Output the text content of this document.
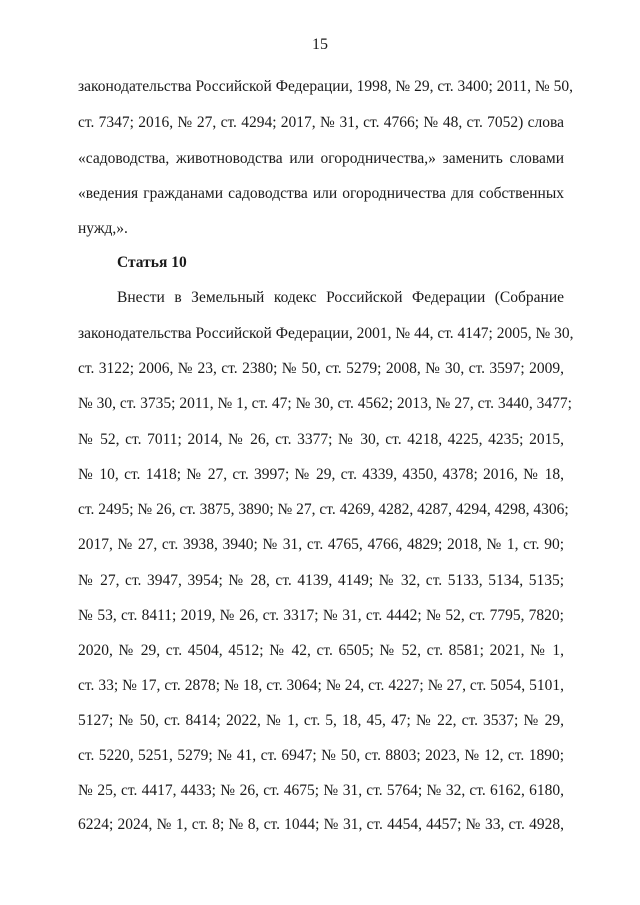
15
законодательства Российской Федерации, 1998, № 29, ст. 3400; 2011, № 50,
ст. 7347; 2016, № 27, ст. 4294; 2017, № 31, ст. 4766; № 48, ст. 7052) слова
«садоводства, животноводства или огородничества,» заменить словами
«ведения гражданами садоводства или огородничества для собственных
нужд,».
Статья 10
Внести в Земельный кодекс Российской Федерации (Собрание
законодательства Российской Федерации, 2001, № 44, ст. 4147; 2005, № 30,
ст. 3122; 2006, № 23, ст. 2380; № 50, ст. 5279; 2008, № 30, ст. 3597; 2009,
№ 30, ст. 3735; 2011, № 1, ст. 47; № 30, ст. 4562; 2013, № 27, ст. 3440, 3477;
№ 52, ст. 7011; 2014, № 26, ст. 3377; № 30, ст. 4218, 4225, 4235; 2015,
№ 10, ст. 1418; № 27, ст. 3997; № 29, ст. 4339, 4350, 4378; 2016, № 18,
ст. 2495; № 26, ст. 3875, 3890; № 27, ст. 4269, 4282, 4287, 4294, 4298, 4306;
2017, № 27, ст. 3938, 3940; № 31, ст. 4765, 4766, 4829; 2018, № 1, ст. 90;
№ 27, ст. 3947, 3954; № 28, ст. 4139, 4149; № 32, ст. 5133, 5134, 5135;
№ 53, ст. 8411; 2019, № 26, ст. 3317; № 31, ст. 4442; № 52, ст. 7795, 7820;
2020, № 29, ст. 4504, 4512; № 42, ст. 6505; № 52, ст. 8581; 2021, № 1,
ст. 33; № 17, ст. 2878; № 18, ст. 3064; № 24, ст. 4227; № 27, ст. 5054, 5101,
5127; № 50, ст. 8414; 2022, № 1, ст. 5, 18, 45, 47; № 22, ст. 3537; № 29,
ст. 5220, 5251, 5279; № 41, ст. 6947; № 50, ст. 8803; 2023, № 12, ст. 1890;
№ 25, ст. 4417, 4433; № 26, ст. 4675; № 31, ст. 5764; № 32, ст. 6162, 6180,
6224; 2024, № 1, ст. 8; № 8, ст. 1044; № 31, ст. 4454, 4457; № 33, ст. 4928,
